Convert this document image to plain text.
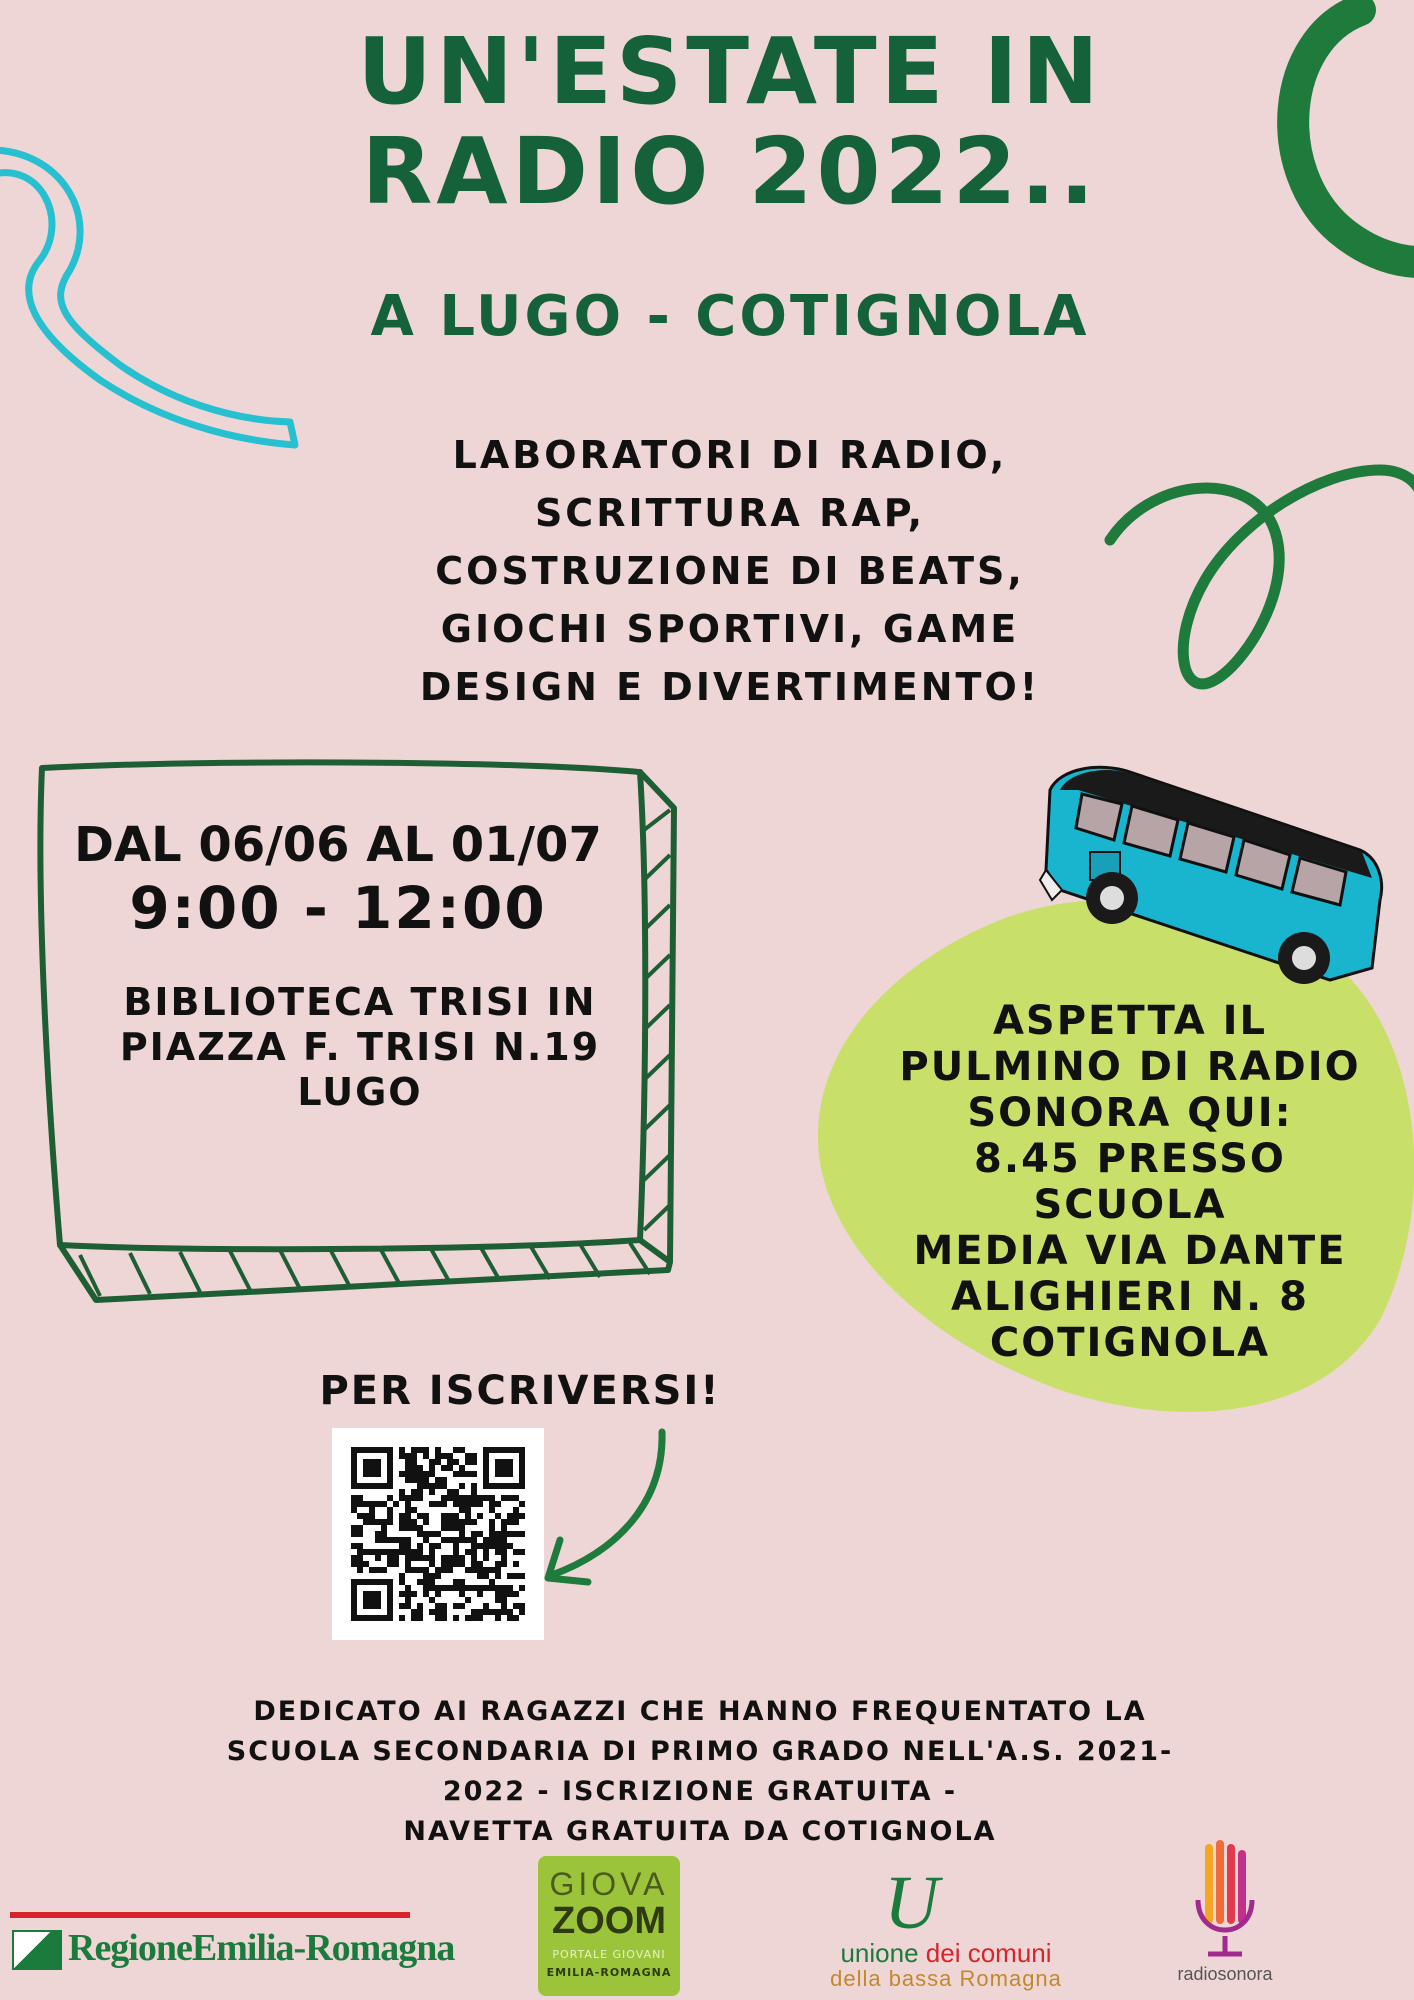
UN'ESTATE IN
RADIO 2022..
A LUGO - COTIGNOLA
LABORATORI DI RADIO,
SCRITTURA RAP,
COSTRUZIONE DI BEATS,
GIOCHI SPORTIVI, GAME
DESIGN E DIVERTIMENTO!
DAL 06/06 AL 01/07
9:00 - 12:00
BIBLIOTECA TRISI IN
PIAZZA F. TRISI N.19
LUGO
ASPETTA IL
PULMINO DI RADIO
SONORA QUI:
8.45 PRESSO
SCUOLA
MEDIA VIA DANTE
ALIGHIERI N. 8
COTIGNOLA
PER ISCRIVERSI!
DEDICATO AI RAGAZZI CHE HANNO FREQUENTATO LA
SCUOLA SECONDARIA DI PRIMO GRADO NELL'A.S. 2021-
2022 - ISCRIZIONE GRATUITA -
NAVETTA GRATUITA DA COTIGNOLA
RegioneEmilia-Romagna
GIOVA
ZOOM
PORTALE GIOVANI
EMILIA-ROMAGNA
U
unione dei comuni
della bassa Romagna	radiosonora
